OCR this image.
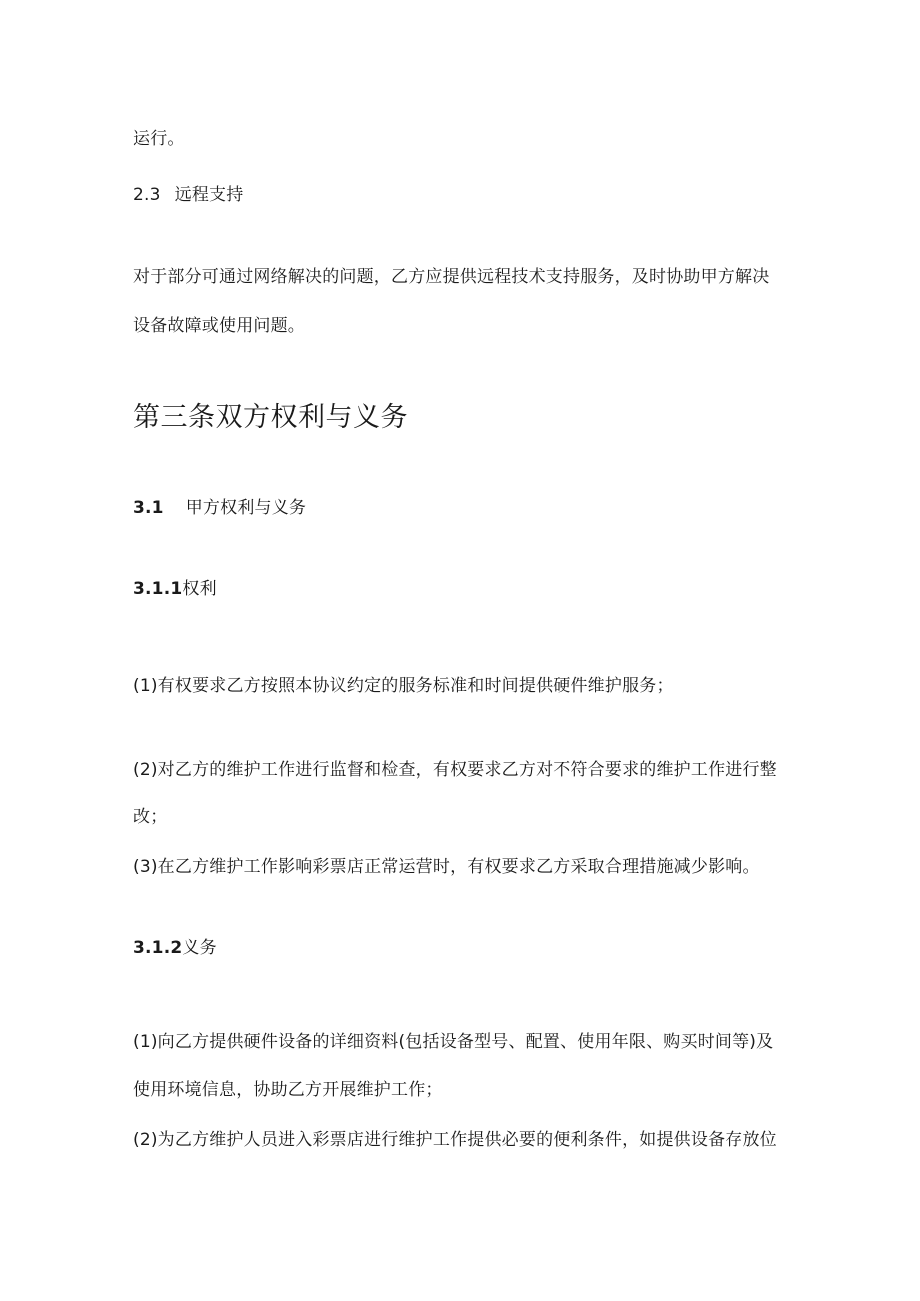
运行。
2.3 远程支持
对于部分可通过网络解决的问题，乙方应提供远程技术支持服务，及时协助甲方解决
设备故障或使用问题。
第三条双方权利与义务
3.1 甲方权利与义务
3.1.1权利
(1)有权要求乙方按照本协议约定的服务标准和时间提供硬件维护服务；
(2)对乙方的维护工作进行监督和检查，有权要求乙方对不符合要求的维护工作进行整
改；
(3)在乙方维护工作影响彩票店正常运营时，有权要求乙方采取合理措施减少影响。
3.1.2义务
(1)向乙方提供硬件设备的详细资料(包括设备型号、配置、使用年限、购买时间等)及
使用环境信息，协助乙方开展维护工作；
(2)为乙方维护人员进入彩票店进行维护工作提供必要的便利条件，如提供设备存放位
